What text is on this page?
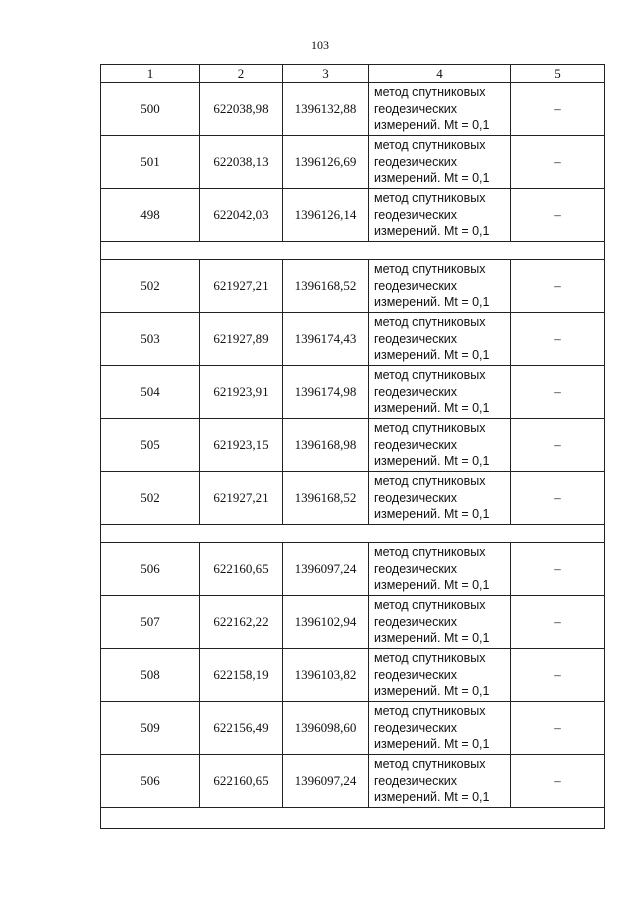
103
1	2	3	4	5
500	622038,98	1396132,88	метод спутниковых
геодезических
измерений. Mt = 0,1	–
501	622038,13	1396126,69	метод спутниковых
геодезических
измерений. Mt = 0,1	–
498	622042,03	1396126,14	метод спутниковых
геодезических
измерений. Mt = 0,1	–

502	621927,21	1396168,52	метод спутниковых
геодезических
измерений. Mt = 0,1	–
503	621927,89	1396174,43	метод спутниковых
геодезических
измерений. Mt = 0,1	–
504	621923,91	1396174,98	метод спутниковых
геодезических
измерений. Mt = 0,1	–
505	621923,15	1396168,98	метод спутниковых
геодезических
измерений. Mt = 0,1	–
502	621927,21	1396168,52	метод спутниковых
геодезических
измерений. Mt = 0,1	–

506	622160,65	1396097,24	метод спутниковых
геодезических
измерений. Mt = 0,1	–
507	622162,22	1396102,94	метод спутниковых
геодезических
измерений. Mt = 0,1	–
508	622158,19	1396103,82	метод спутниковых
геодезических
измерений. Mt = 0,1	–
509	622156,49	1396098,60	метод спутниковых
геодезических
измерений. Mt = 0,1	–
506	622160,65	1396097,24	метод спутниковых
геодезических
измерений. Mt = 0,1	–
